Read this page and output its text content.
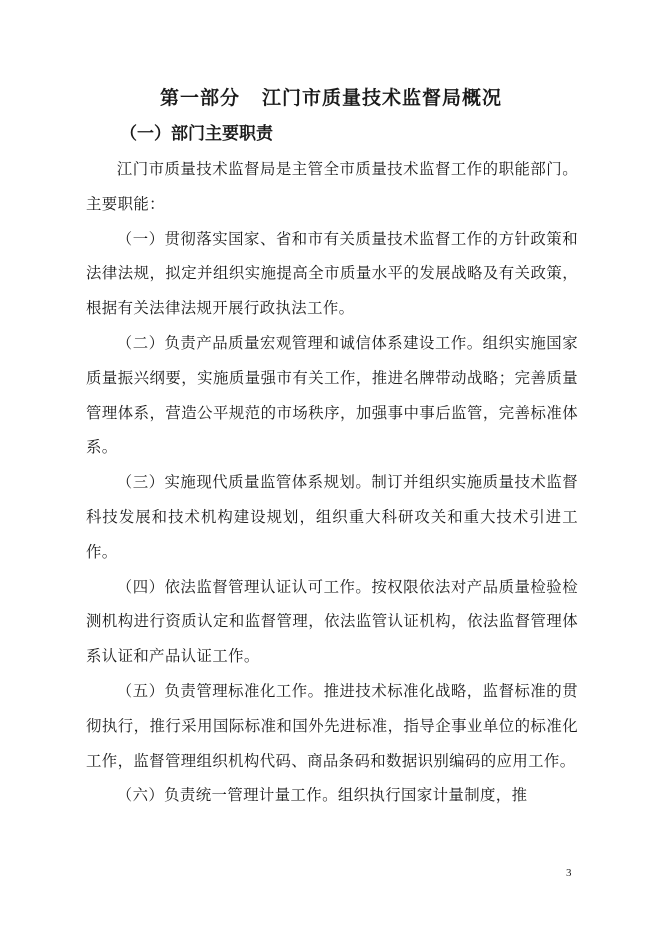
第一部分 江门市质量技术监督局概况
（一）部门主要职责

江门市质量技术监督局是主管全市质量技术监督工作的职能部门。主要职能：

（一）贯彻落实国家、省和市有关质量技术监督工作的方针政策和法律法规，拟定并组织实施提高全市质量水平的发展战略及有关政策，根据有关法律法规开展行政执法工作。

（二）负责产品质量宏观管理和诚信体系建设工作。组织实施国家质量振兴纲要，实施质量强市有关工作，推进名牌带动战略；完善质量管理体系，营造公平规范的市场秩序，加强事中事后监管，完善标准体系。

（三）实施现代质量监管体系规划。制订并组织实施质量技术监督科技发展和技术机构建设规划，组织重大科研攻关和重大技术引进工作。

（四）依法监督管理认证认可工作。按权限依法对产品质量检验检测机构进行资质认定和监督管理，依法监管认证机构，依法监督管理体系认证和产品认证工作。

（五）负责管理标准化工作。推进技术标准化战略，监督标准的贯彻执行，推行采用国际标准和国外先进标准，指导企事业单位的标准化工作，监督管理组织机构代码、商品条码和数据识别编码的应用工作。

（六）负责统一管理计量工作。组织执行国家计量制度，推

3
